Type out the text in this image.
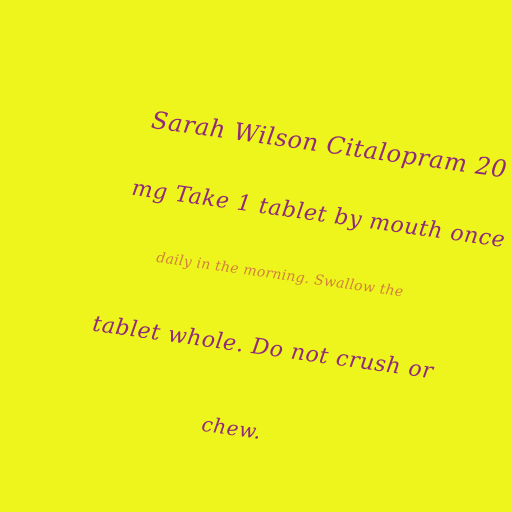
Sarah Wilson Citalopram 20
mg Take 1 tablet by mouth once
daily in the morning. Swallow the
tablet whole. Do not crush or
chew.
